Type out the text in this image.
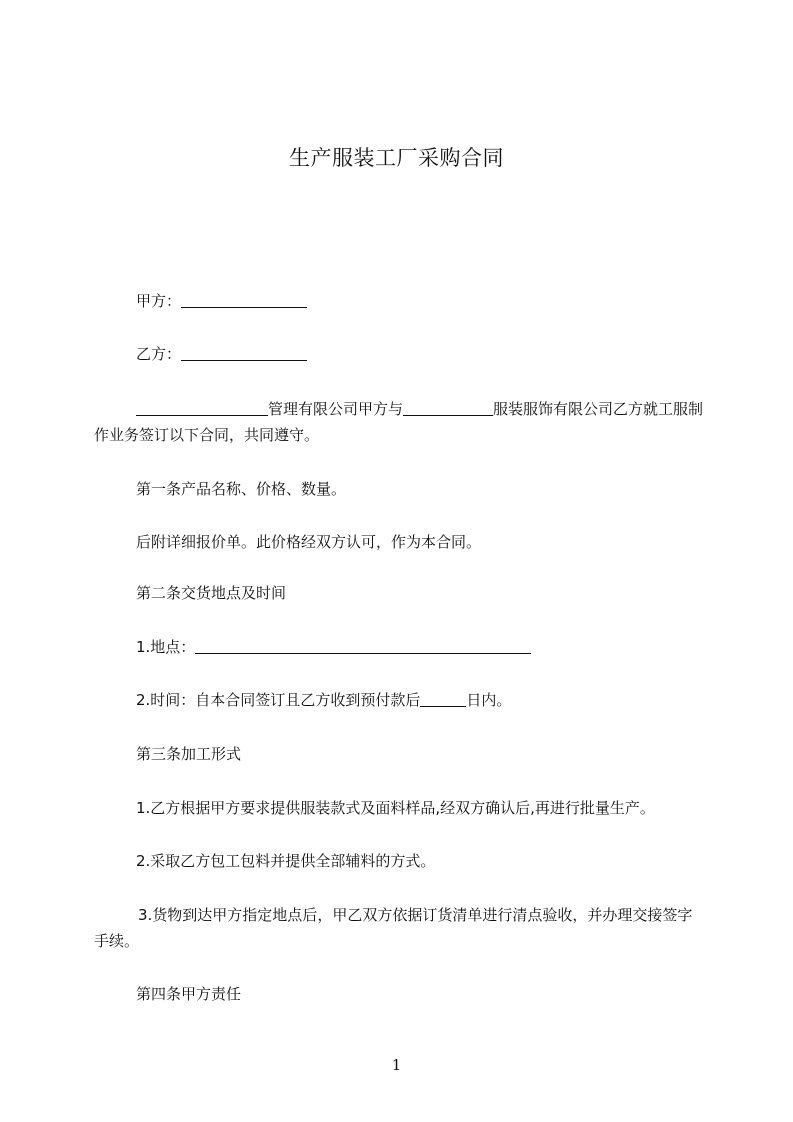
生产服装工厂采购合同
甲方：
乙方：
管理有限公司甲方与	服装服饰有限公司乙方就工服制作业务签订以下合同，共同遵守。
第一条产品名称、价格、数量。
后附详细报价单。此价格经双方认可，作为本合同。
第二条交货地点及时间
1.地点：
2.时间：自本合同签订且乙方收到预付款后	日内。
第三条加工形式
1.乙方根据甲方要求提供服装款式及面料样品,经双方确认后,再进行批量生产。
2.采取乙方包工包料并提供全部辅料的方式。
3.货物到达甲方指定地点后，甲乙双方依据订货清单进行清点验收，并办理交接签字手续。
第四条甲方责任
1
